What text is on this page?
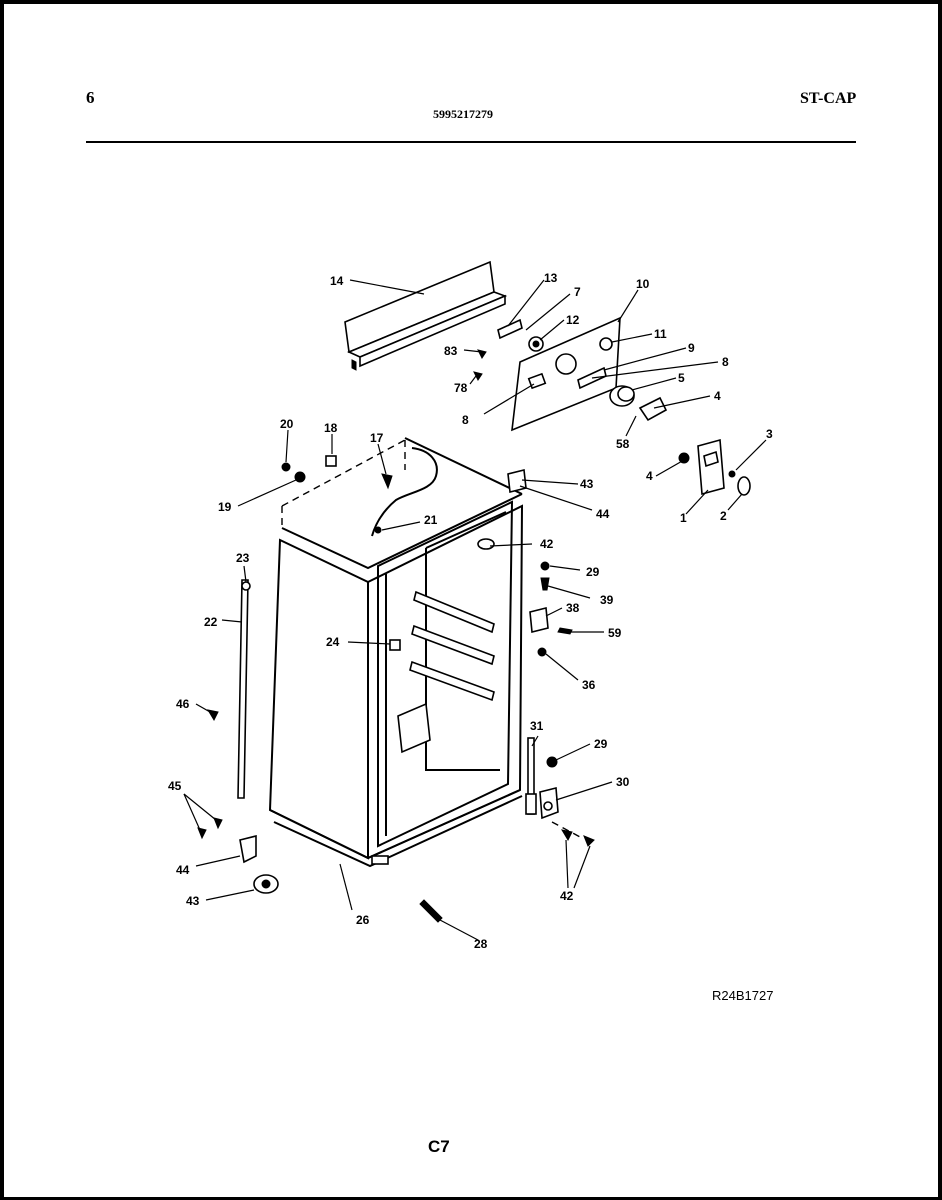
6
5995217279
ST-CAP
14	13
7
12
10
11
83	9
8
5
78
4
8
58
3
4
1	2
20	18
17
19
21
43
44
42
29
39
38
59
36
23
22
24
46
31
29
30
45
44
42
43
26
28
R24B1727
C7
